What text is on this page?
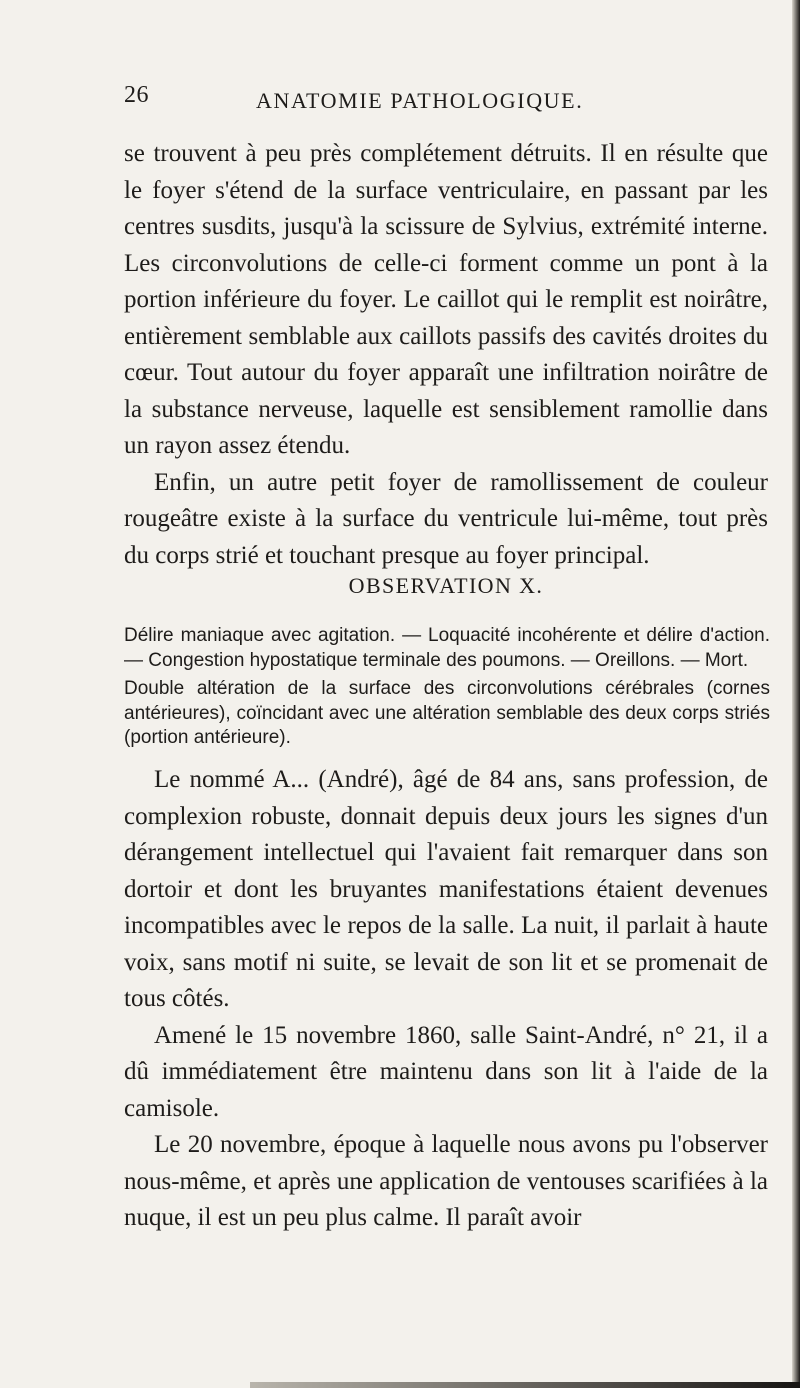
26	ANATOMIE PATHOLOGIQUE.

se trouvent à peu près complétement détruits. Il en résulte que le foyer s'étend de la surface ventriculaire, en passant par les centres susdits, jusqu'à la scissure de Sylvius, extrémité interne. Les circonvolutions de celle-ci forment comme un pont à la portion inférieure du foyer. Le caillot qui le remplit est noirâtre, entièrement semblable aux caillots passifs des cavités droites du cœur. Tout autour du foyer apparaît une infiltration noirâtre de la substance nerveuse, laquelle est sensiblement ramollie dans un rayon assez étendu.

Enfin, un autre petit foyer de ramollissement de couleur rougeâtre existe à la surface du ventricule lui-même, tout près du corps strié et touchant presque au foyer principal.

OBSERVATION X.

Délire maniaque avec agitation. — Loquacité incohérente et délire d'action. — Congestion hypostatique terminale des poumons. — Oreillons. — Mort.

Double altération de la surface des circonvolutions cérébrales (cornes antérieures), coïncidant avec une altération semblable des deux corps striés (portion antérieure).

Le nommé A... (André), âgé de 84 ans, sans profession, de complexion robuste, donnait depuis deux jours les signes d'un dérangement intellectuel qui l'avaient fait remarquer dans son dortoir et dont les bruyantes manifestations étaient devenues incompatibles avec le repos de la salle. La nuit, il parlait à haute voix, sans motif ni suite, se levait de son lit et se promenait de tous côtés.

Amené le 15 novembre 1860, salle Saint-André, n° 21, il a dû immédiatement être maintenu dans son lit à l'aide de la camisole.

Le 20 novembre, époque à laquelle nous avons pu l'observer nous-même, et après une application de ventouses scarifiées à la nuque, il est un peu plus calme. Il paraît avoir
